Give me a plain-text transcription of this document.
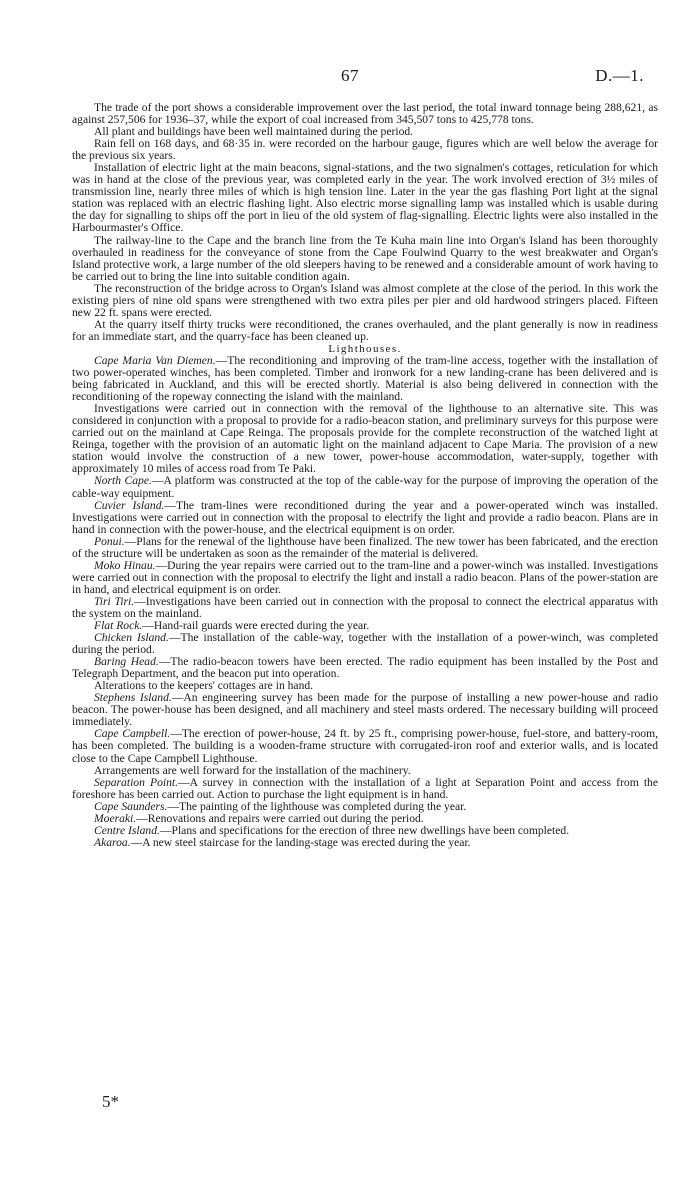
67	D.—1.

The trade of the port shows a considerable improvement over the last period, the total inward tonnage being 288,621, as against 257,506 for 1936–37, while the export of coal increased from 345,507 tons to 425,778 tons.

All plant and buildings have been well maintained during the period.

Rain fell on 168 days, and 68·35 in. were recorded on the harbour gauge, figures which are well below the average for the previous six years.

Installation of electric light at the main beacons, signal-stations, and the two signalmen's cottages, reticulation for which was in hand at the close of the previous year, was completed early in the year. The work involved erection of 3½ miles of transmission line, nearly three miles of which is high tension line. Later in the year the gas flashing Port light at the signal station was replaced with an electric flashing light. Also electric morse signalling lamp was installed which is usable during the day for signalling to ships off the port in lieu of the old system of flag-signalling. Electric lights were also installed in the Harbourmaster's Office.

The railway-line to the Cape and the branch line from the Te Kuha main line into Organ's Island has been thoroughly overhauled in readiness for the conveyance of stone from the Cape Foulwind Quarry to the west breakwater and Organ's Island protective work, a large number of the old sleepers having to be renewed and a considerable amount of work having to be carried out to bring the line into suitable condition again.

The reconstruction of the bridge across to Organ's Island was almost complete at the close of the period. In this work the existing piers of nine old spans were strengthened with two extra piles per pier and old hardwood stringers placed. Fifteen new 22 ft. spans were erected.

At the quarry itself thirty trucks were reconditioned, the cranes overhauled, and the plant generally is now in readiness for an immediate start, and the quarry-face has been cleaned up.

Lighthouses.

Cape Maria Van Diemen.—The reconditioning and improving of the tram-line access, together with the installation of two power-operated winches, has been completed. Timber and ironwork for a new landing-crane has been delivered and is being fabricated in Auckland, and this will be erected shortly. Material is also being delivered in connection with the reconditioning of the ropeway connecting the island with the mainland.

Investigations were carried out in connection with the removal of the lighthouse to an alternative site. This was considered in conjunction with a proposal to provide for a radio-beacon station, and preliminary surveys for this purpose were carried out on the mainland at Cape Reinga. The proposals provide for the complete reconstruction of the watched light at Reinga, together with the provision of an automatic light on the mainland adjacent to Cape Maria. The provision of a new station would involve the construction of a new tower, power-house accommodation, water-supply, together with approximately 10 miles of access road from Te Paki.

North Cape.—A platform was constructed at the top of the cable-way for the purpose of improving the operation of the cable-way equipment.

Cuvier Island.—The tram-lines were reconditioned during the year and a power-operated winch was installed. Investigations were carried out in connection with the proposal to electrify the light and provide a radio beacon. Plans are in hand in connection with the power-house, and the electrical equipment is on order.

Ponui.—Plans for the renewal of the lighthouse have been finalized. The new tower has been fabricated, and the erection of the structure will be undertaken as soon as the remainder of the material is delivered.

Moko Hinau.—During the year repairs were carried out to the tram-line and a power-winch was installed. Investigations were carried out in connection with the proposal to electrify the light and install a radio beacon. Plans of the power-station are in hand, and electrical equipment is on order.

Tiri Tiri.—Investigations have been carried out in connection with the proposal to connect the electrical apparatus with the system on the mainland.

Flat Rock.—Hand-rail guards were erected during the year.

Chicken Island.—The installation of the cable-way, together with the installation of a power-winch, was completed during the period.

Baring Head.—The radio-beacon towers have been erected. The radio equipment has been installed by the Post and Telegraph Department, and the beacon put into operation.

Alterations to the keepers' cottages are in hand.

Stephens Island.—An engineering survey has been made for the purpose of installing a new power-house and radio beacon. The power-house has been designed, and all machinery and steel masts ordered. The necessary building will proceed immediately.

Cape Campbell.—The erection of power-house, 24 ft. by 25 ft., comprising power-house, fuel-store, and battery-room, has been completed. The building is a wooden-frame structure with corrugated-iron roof and exterior walls, and is located close to the Cape Campbell Lighthouse.

Arrangements are well forward for the installation of the machinery.

Separation Point.—A survey in connection with the installation of a light at Separation Point and access from the foreshore has been carried out. Action to purchase the light equipment is in hand.

Cape Saunders.—The painting of the lighthouse was completed during the year.

Moeraki.—Renovations and repairs were carried out during the period.

Centre Island.—Plans and specifications for the erection of three new dwellings have been completed.

Akaroa.—A new steel staircase for the landing-stage was erected during the year.

5*
